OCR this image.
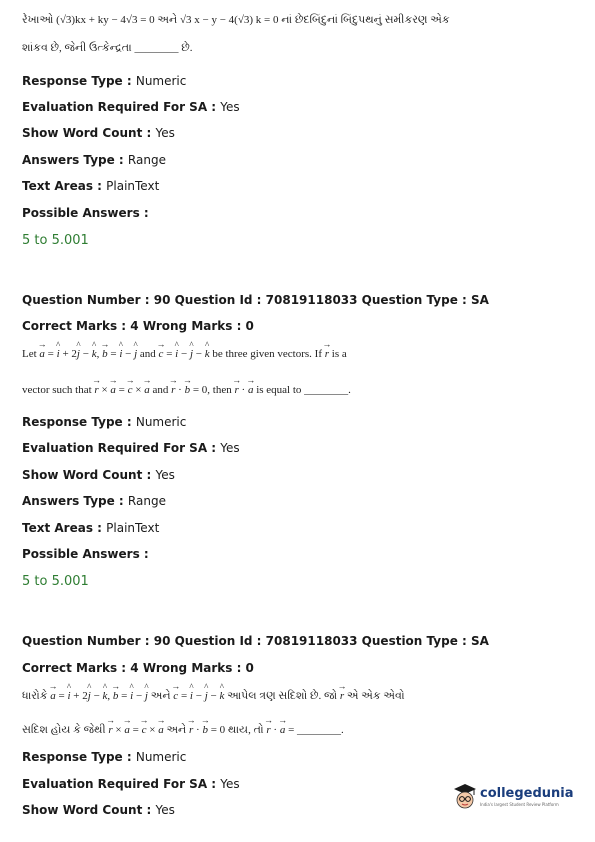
રેખાઓ (√3)kx + ky − 4√3 = 0 અને √3 x − y − 4(√3) k = 0 નાં છેદબિંદુનાં બિંદુપથનું સમીકરણ એક
શાંકવ છે, જેની ઉત્કેન્દ્રતા ________ છે.
Response Type : Numeric
Evaluation Required For SA : Yes
Show Word Count : Yes
Answers Type : Range
Text Areas : PlainText
Possible Answers :
5 to 5.001
Question Number : 90 Question Id : 70819118033 Question Type : SA
Correct Marks : 4 Wrong Marks : 0
Let → a = ^ i + 2^ j − ^ k, → b = ^ i − ^ j and → c = ^ i − ^ j − ^ k be three given vectors. If → r is a
vector such that → r × → a = → c × → a and → r · → b = 0, then → r · → a is equal to ________.
Response Type : Numeric
Evaluation Required For SA : Yes
Show Word Count : Yes
Answers Type : Range
Text Areas : PlainText
Possible Answers :
5 to 5.001
Question Number : 90 Question Id : 70819118033 Question Type : SA
Correct Marks : 4 Wrong Marks : 0
ધારોકે → a = ^ i + 2^ j − ^ k, → b = ^ i − ^ j અને → c = ^ i − ^ j − ^ k આપેલ ત્રણ સદિશો છે. જો → r એ એક એવો
સદિશ હોય કે જેથી → r × → a = → c × → a અને → r · → b = 0 થાય, તો → r · → a = ________.
Response Type : Numeric
Evaluation Required For SA : Yes
Show Word Count : Yes
collegedunia
India's largest Student Review Platform
